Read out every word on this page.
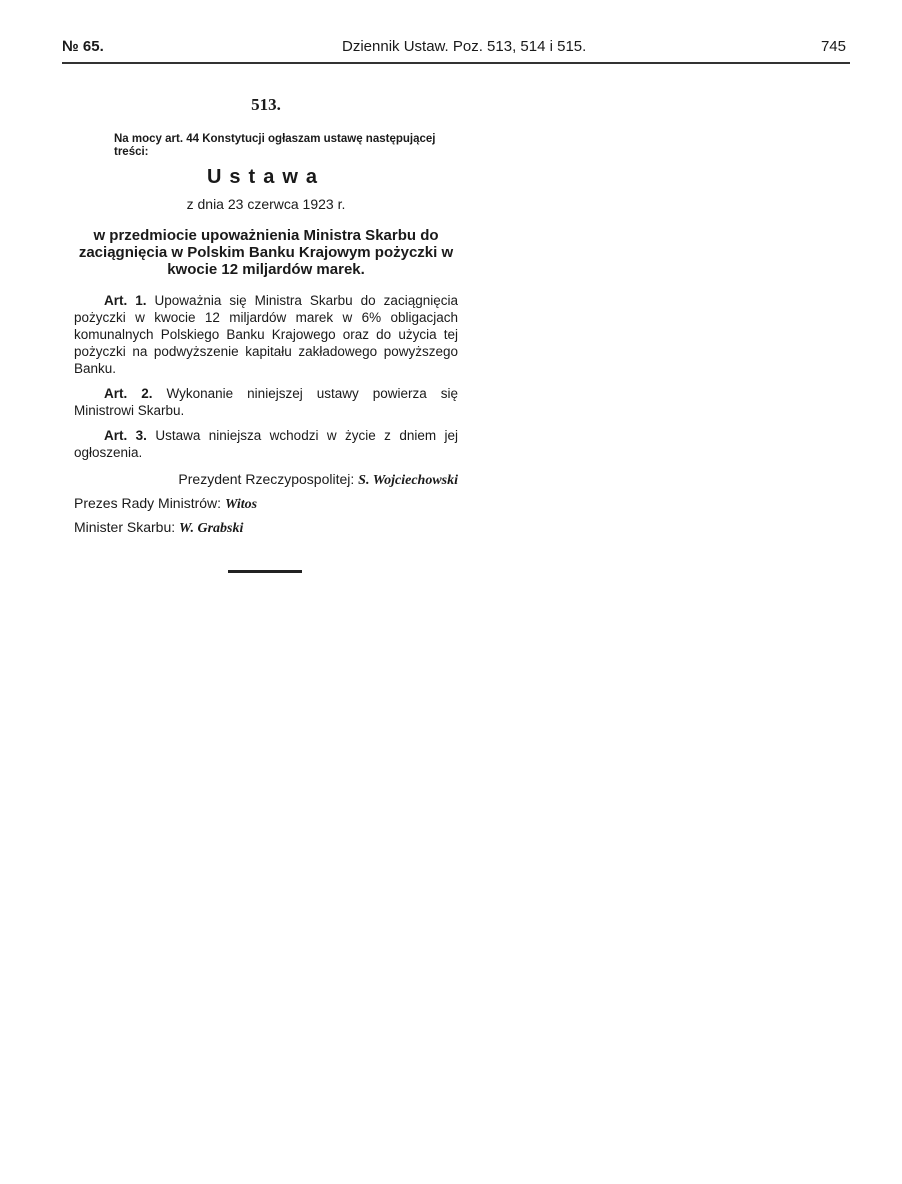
№ 65.	Dziennik Ustaw. Poz. 513, 514 i 515.	745
513.
Na mocy art. 44 Konstytucji ogłaszam ustawę następującej treści:
Ustawa
z dnia 23 czerwca 1923 r.
w przedmiocie upoważnienia Ministra Skarbu do zaciągnięcia w Polskim Banku Krajowym pożyczki w kwocie 12 miljardów marek.
Art. 1. Upoważnia się Ministra Skarbu do zaciągnięcia pożyczki w kwocie 12 miljardów marek w 6% obligacjach komunalnych Polskiego Banku Krajowego oraz do użycia tej pożyczki na podwyższenie kapitału zakładowego powyższego Banku.
Art. 2. Wykonanie niniejszej ustawy powierza się Ministrowi Skarbu.
Art. 3. Ustawa niniejsza wchodzi w życie z dniem jej ogłoszenia.
Prezydent Rzeczypospolitej: S. Wojciechowski
Prezes Rady Ministrów: Witos
Minister Skarbu: W. Grabski
